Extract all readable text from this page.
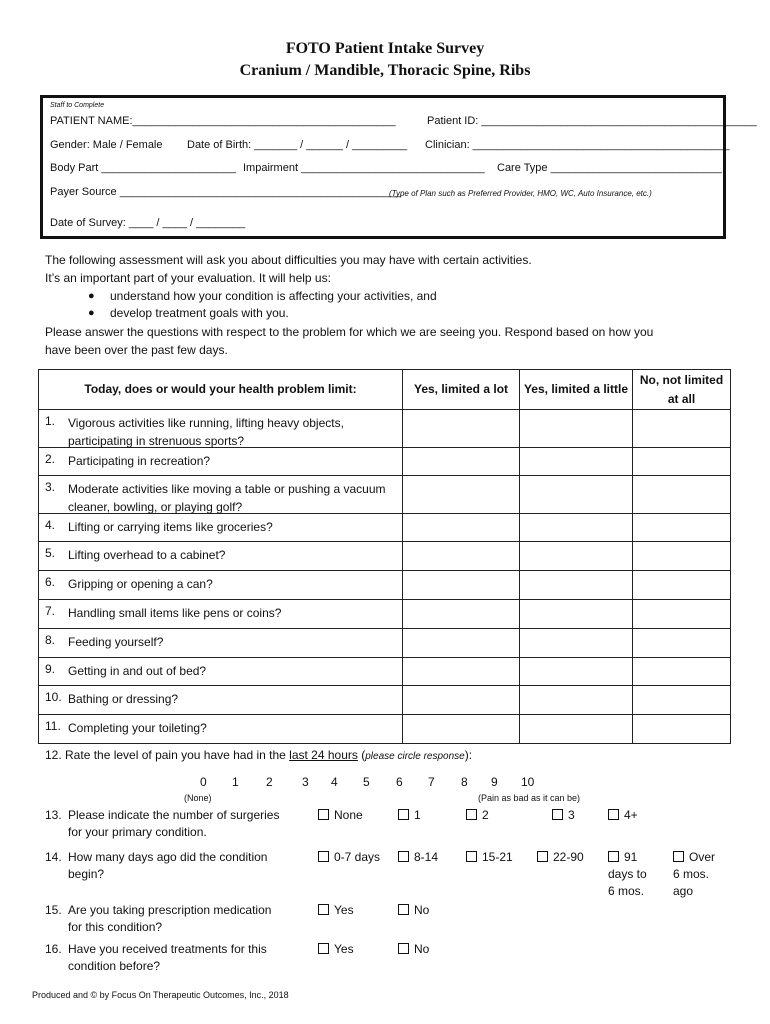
FOTO Patient Intake Survey
Cranium / Mandible, Thoracic Spine, Ribs
Staff to Complete
PATIENT NAME:___________________________________________	Patient ID: _____________________________________________
Gender: Male / Female Date of Birth: _______ / ______ / _________ Clinician: __________________________________________
Body Part ______________________ Impairment ______________________________ Care Type ____________________________
Payer Source ______________________________________________
(Type of Plan such as Preferred Provider, HMO, WC, Auto Insurance, etc.)
Date of Survey: ____ / ____ / ________
The following assessment will ask you about difficulties you may have with certain activities.
It’s an important part of your evaluation. It will help us:
● understand how your condition is affecting your activities, and
● develop treatment goals with you.
Please answer the questions with respect to the problem for which we are seeing you. Respond based on how you
have been over the past few days.
Today, does or would your health problem limit:	Yes, limited a lot	Yes, limited a little	No, not limited at all

1. Vigorous activities like running, lifting heavy objects, participating in strenuous sports?			

2. Participating in recreation?			

3. Moderate activities like moving a table or pushing a vacuum cleaner, bowling, or playing golf?			

4. Lifting or carrying items like groceries?			

5. Lifting overhead to a cabinet?			

6. Gripping or opening a can?			

7. Handling small items like pens or coins?			

8. Feeding yourself?			

9. Getting in and out of bed?			

10. Bathing or dressing?			

11. Completing your toileting?			

12. Rate the level of pain you have had in the last 24 hours (please circle response):
0 1 2 3 4 5 6 7 8 9 10
(None)	(Pain as bad as it can be)
13. Please indicate the number of surgeries
for your primary condition.
None	1	2	3	4+
14. How many days ago did the condition
begin?
0-7 days	8-14	15-21	22-90	91
days to
6 mos.
Over
6 mos.
ago
15. Are you taking prescription medication
for this condition?
Yes	No
16. Have you received treatments for this
condition before?
Yes	No
Produced and © by Focus On Therapeutic Outcomes, Inc., 2018
